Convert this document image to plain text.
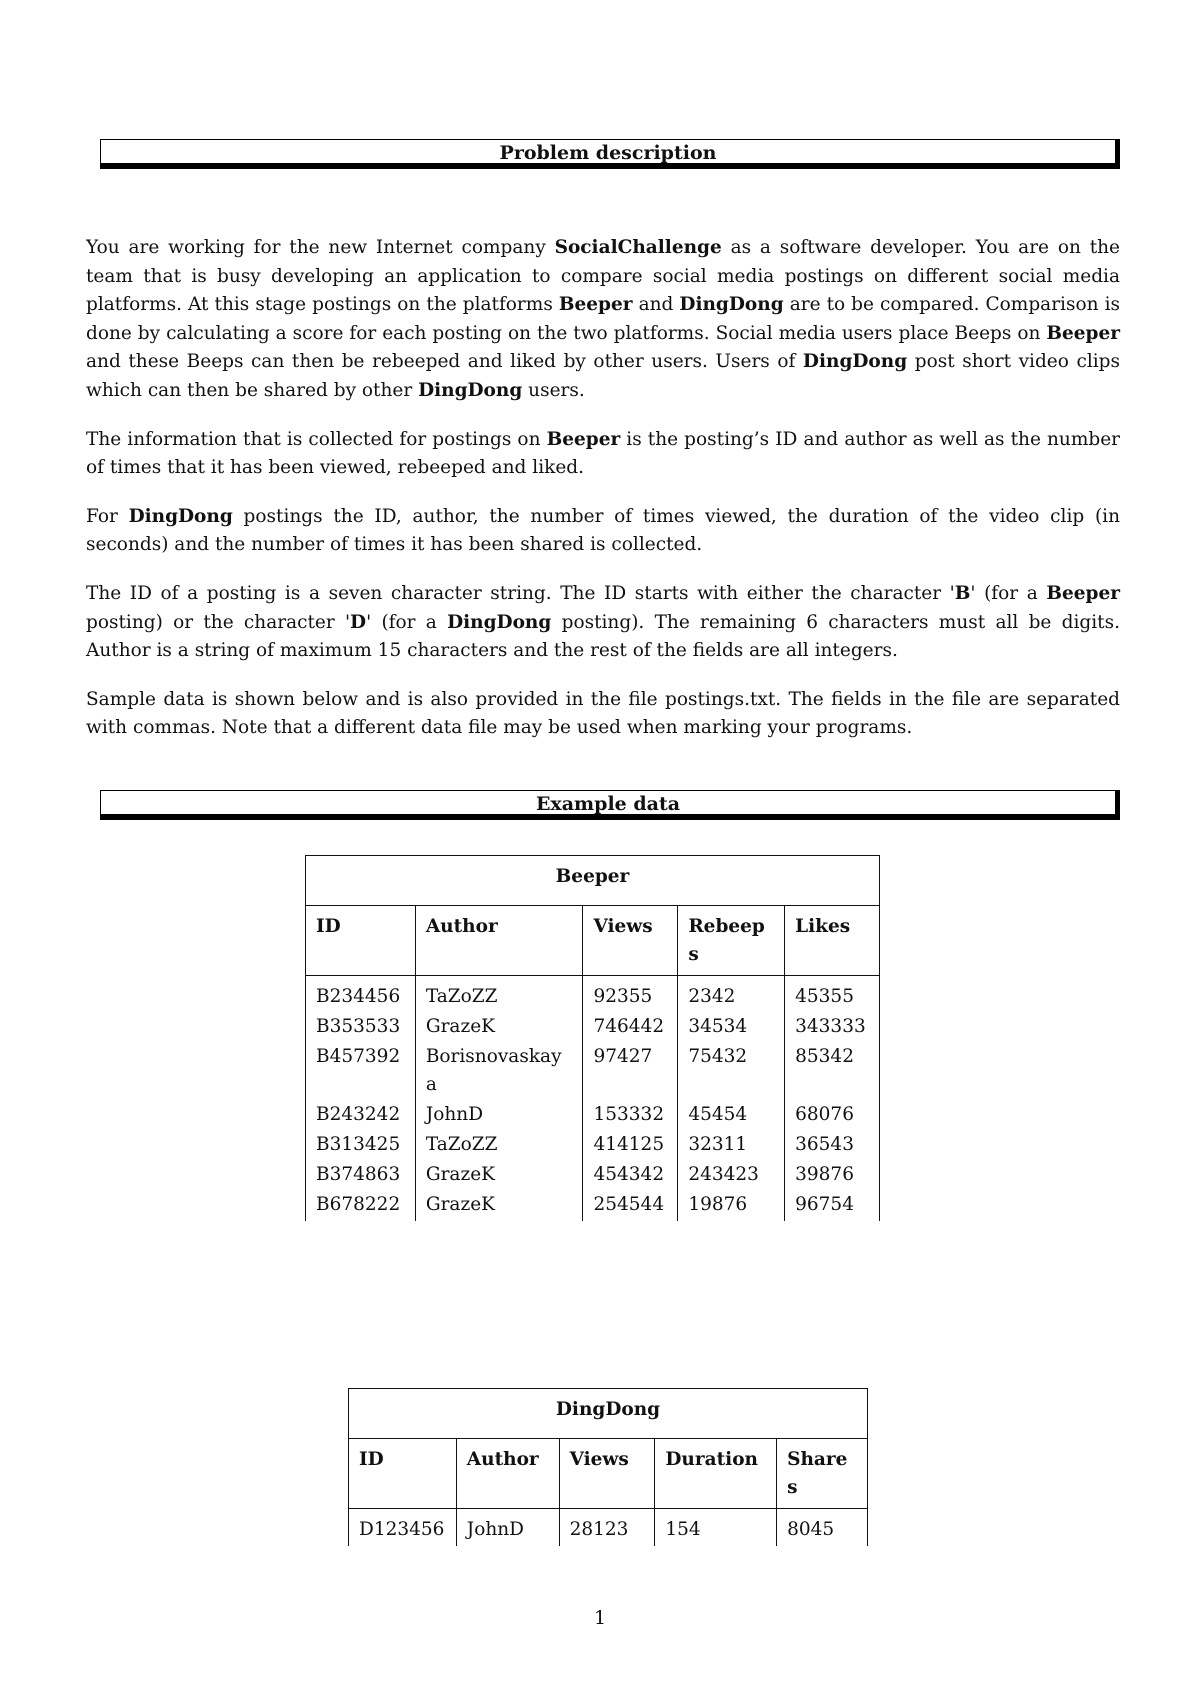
Problem description

You are working for the new Internet company SocialChallenge as a software developer. You are on the team that is busy developing an application to compare social media postings on different social media platforms. At this stage postings on the platforms Beeper and DingDong are to be compared. Comparison is done by calculating a score for each posting on the two platforms. Social media users place Beeps on Beeper and these Beeps can then be rebeeped and liked by other users. Users of DingDong post short video clips which can then be shared by other DingDong users.

The information that is collected for postings on Beeper is the posting’s ID and author as well as the number of times that it has been viewed, rebeeped and liked.

For DingDong postings the ID, author, the number of times viewed, the duration of the video clip (in seconds) and the number of times it has been shared is collected.

The ID of a posting is a seven character string. The ID starts with either the character 'B' (for a Beeper posting) or the character 'D' (for a DingDong posting). The remaining 6 characters must all be digits. Author is a string of maximum 15 characters and the rest of the fields are all integers.

Sample data is shown below and is also provided in the file postings.txt. The fields in the file are separated with commas. Note that a different data file may be used when marking your programs.

Example data
Beeper				
ID	Author	Views	Rebeeps	Likes
B234456	TaZoZZ	92355	2342	45355
B353533	GrazeK	746442	34534	343333
B457392	Borisnovaskaya	97427	75432	85342
B243242	JohnD	153332	45454	68076
B313425	TaZoZZ	414125	32311	36543
B374863	GrazeK	454342	243423	39876
B678222	GrazeK	254544	19876	96754
DingDong				
ID	Author	Views	Duration	Shares
D123456	JohnD	28123	154	8045
1
